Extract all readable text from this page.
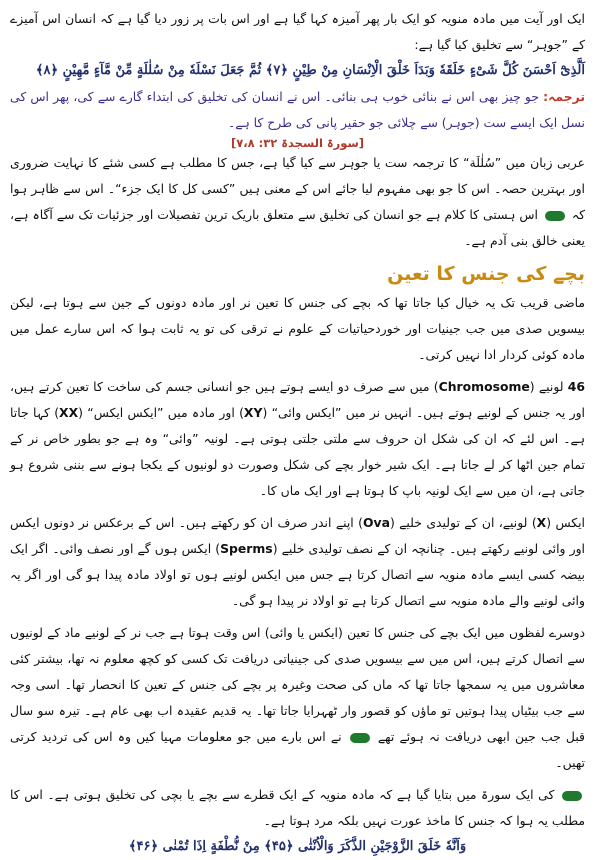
ایک اور آیت میں مادہ منویہ کو ایک بار پھر آمیزہ کہا گیا ہے اور اس بات پر زور دیا گیا ہے کہ انسان اس آمیزے کے ”جوہر“ سے تخلیق کیا گیا ہے:

اَلَّذِیْٓ اَحْسَنَ کُلَّ شَیْءٍ خَلَقَهٗ وَبَدَاَ خَلْقَ الْاِنْسَانِ مِنْ طِیْنٍ ﴿۷﴾ ثُمَّ جَعَلَ نَسْلَهٗ مِنْ سُلٰلَةٍ مِّنْ مَّآءٍ مَّهِیْنٍ ﴿۸﴾

ترجمہ: جو چیز بھی اس نے بنائی خوب ہی بنائی۔ اس نے انسان کی تخلیق کی ابتداء گارے سے کی، پھر اس کی نسل ایک ایسے ست (جوہر) سے چلائی جو حقیر پانی کی طرح کا ہے۔

[سورۃ السجدۃ ۳۲: ۷،۸]

عربی زبان میں ”سُلٰلَة“ کا ترجمہ ست یا جوہر سے کیا گیا ہے، جس کا مطلب ہے کسی شئے کا نہایت ضروری اور بہترین حصہ۔ اس کا جو بھی مفہوم لیا جائے اس کے معنی ہیں ”کسی کل کا ایک جزء“۔ اس سے ظاہر ہوا کہ  اس ہستی کا کلام ہے جو انسان کی تخلیق سے متعلق باریک ترین تفصیلات اور جزئیات تک سے آگاہ ہے، یعنی خالق بنی آدم ہے۔

بچے کی جنس کا تعین

ماضی قریب تک یہ خیال کیا جاتا تھا کہ بچے کی جنس کا تعین نر اور مادہ دونوں کے جین سے ہوتا ہے، لیکن بیسویں صدی میں جب جینیات اور خوردحیاتیات کے علوم نے ترقی کی تو یہ ثابت ہوا کہ اس سارے عمل میں مادہ کوئی کردار ادا نہیں کرتی۔

46 لونیے (Chromosome) میں سے صرف دو ایسے ہوتے ہیں جو انسانی جسم کی ساخت کا تعین کرتے ہیں، اور یہ جنس کے لونیے ہوتے ہیں۔ انہیں نر میں ”ایکس وائی“ (XY) اور مادہ میں ”ایکس ایکس“ (XX) کہا جاتا ہے۔ اس لئے کہ ان کی شکل ان حروف سے ملتی جلتی ہوتی ہے۔ لونیہ ”وائی“ وہ ہے جو بطور خاص نر کے تمام جین اٹھا کر لے جاتا ہے۔ ایک شیر خوار بچے کی شکل وصورت دو لونیوں کے یکجا ہونے سے بننی شروع ہو جاتی ہے، ان میں سے ایک لونیہ باپ کا ہوتا ہے اور ایک ماں کا۔

ایکس (X) لونیے، ان کے تولیدی خلیے (Ova) اپنے اندر صرف ان کو رکھتے ہیں۔ اس کے برعکس نر دونوں ایکس اور وائی لونیے رکھتے ہیں۔ چنانچہ ان کے نصف تولیدی خلیے (Sperms) ایکس ہوں گے اور نصف وائی۔ اگر ایک بیضہ کسی ایسے مادہ منویہ سے اتصال کرتا ہے جس میں ایکس لونیے ہوں تو اولاد مادہ پیدا ہو گی اور اگر یہ وائی لونیے والے مادہ منویہ سے اتصال کرتا ہے تو اولاد نر پیدا ہو گی۔

دوسرے لفظوں میں ایک بچے کی جنس کا تعین (ایکس یا وائی) اس وقت ہوتا ہے جب نر کے لونیے ماد کے لونیوں سے اتصال کرتے ہیں، اس میں سے بیسویں صدی کی جینیاتی دریافت تک کسی کو کچھ معلوم نہ تھا، بیشتر کئی معاشروں میں یہ سمجھا جاتا تھا کہ ماں کی صحت وغیرہ پر بچے کی جنس کے تعین کا انحصار تھا۔ اسی وجہ سے جب بیٹیاں پیدا ہوتیں تو ماؤں کو قصور وار ٹھہرایا جاتا تھا۔ یہ قدیم عقیدہ اب بھی عام ہے۔ تیرہ سو سال قبل جب جین ابھی دریافت نہ ہوئے تھے  نے اس بارے میں جو معلومات مہیا کیں وہ اس کی تردید کرتی تھیں۔

کی ایک سورۃ میں بتایا گیا ہے کہ مادہ منویہ کے ایک قطرے سے بچے یا بچی کی تخلیق ہوتی ہے۔ اس کا مطلب یہ ہوا کہ جنس کا ماخذ عورت نہیں بلکہ مرد ہوتا ہے۔

وَاَنَّهٗ خَلَقَ الزَّوْجَیْنِ الذَّکَرَ وَالْاُنْثٰی ﴿۴۵﴾ مِنْ نُّطْفَةٍ اِذَا تُمْنٰی ﴿۴۶﴾
